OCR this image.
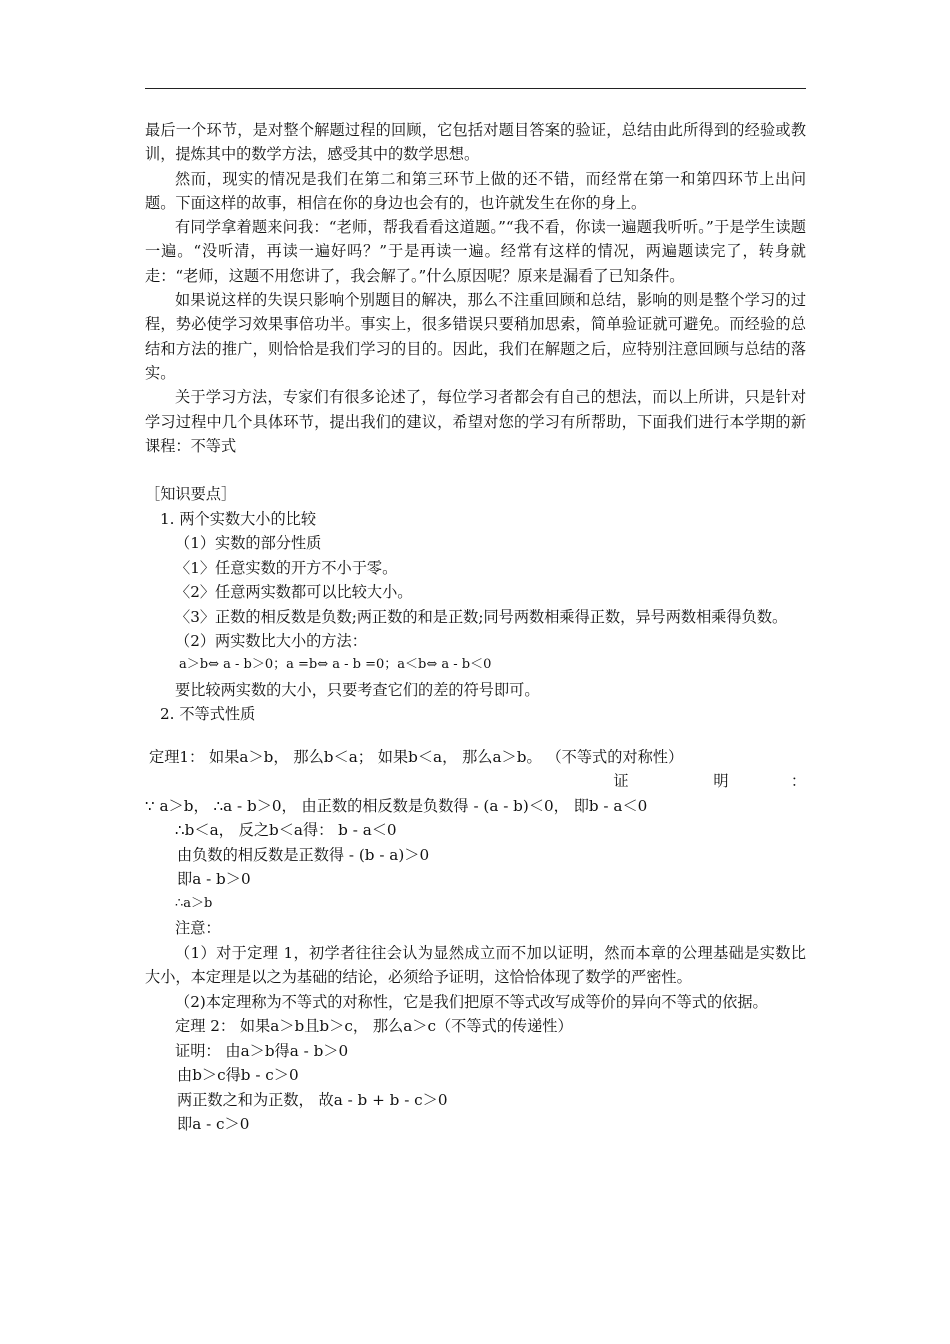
最后一个环节，是对整个解题过程的回顾，它包括对题目答案的验证，总结由此所得到的经验或教训，提炼其中的数学方法，感受其中的数学思想。

然而，现实的情况是我们在第二和第三环节上做的还不错，而经常在第一和第四环节上出问题。下面这样的故事，相信在你的身边也会有的，也许就发生在你的身上。

有同学拿着题来问我：“老师，帮我看看这道题。”“我不看，你读一遍题我听听。”于是学生读题一遍。“没听清，再读一遍好吗？”于是再读一遍。经常有这样的情况，两遍题读完了，转身就走：“老师，这题不用您讲了，我会解了。”什么原因呢？原来是漏看了已知条件。

如果说这样的失误只影响个别题目的解决，那么不注重回顾和总结，影响的则是整个学习的过程，势必使学习效果事倍功半。事实上，很多错误只要稍加思索，简单验证就可避免。而经验的总结和方法的推广，则恰恰是我们学习的目的。因此，我们在解题之后，应特别注意回顾与总结的落实。

关于学习方法，专家们有很多论述了，每位学习者都会有自己的想法，而以上所讲，只是针对学习过程中几个具体环节，提出我们的建议，希望对您的学习有所帮助，下面我们进行本学期的新课程：不等式

［知识要点］

1. 两个实数大小的比较

（1）实数的部分性质

〈1〉任意实数的开方不小于零。

〈2〉任意两实数都可以比较大小。

〈3〉正数的相反数是负数;两正数的和是正数;同号两数相乘得正数，异号两数相乘得负数。

（2）两实数比大小的方法：

a＞b⇔ a - b＞0；a =b⇔ a - b =0；a＜b⇔ a - b＜0

要比较两实数的大小，只要考查它们的差的符号即可。

2. 不等式性质

定理1： 如果a＞b， 那么b＜a； 如果b＜a， 那么a＞b。 （不等式的对称性）

证	明	：

∵ a＞b， ∴a - b＞0， 由正数的相反数是负数得 - (a - b)＜0， 即b - a＜0

∴b＜a， 反之b＜a得： b - a＜0

由负数的相反数是正数得 - (b - a)＞0

即a - b＞0

∴a＞b

注意：

（1）对于定理 1，初学者往往会认为显然成立而不加以证明，然而本章的公理基础是实数比大小，本定理是以之为基础的结论，必须给予证明，这恰恰体现了数学的严密性。

（2)本定理称为不等式的对称性，它是我们把原不等式改写成等价的异向不等式的依据。

定理 2： 如果a＞b且b＞c， 那么a＞c（不等式的传递性）

证明： 由a＞b得a - b＞0

由b＞c得b - c＞0

两正数之和为正数， 故a - b + b - c＞0

即a - c＞0
